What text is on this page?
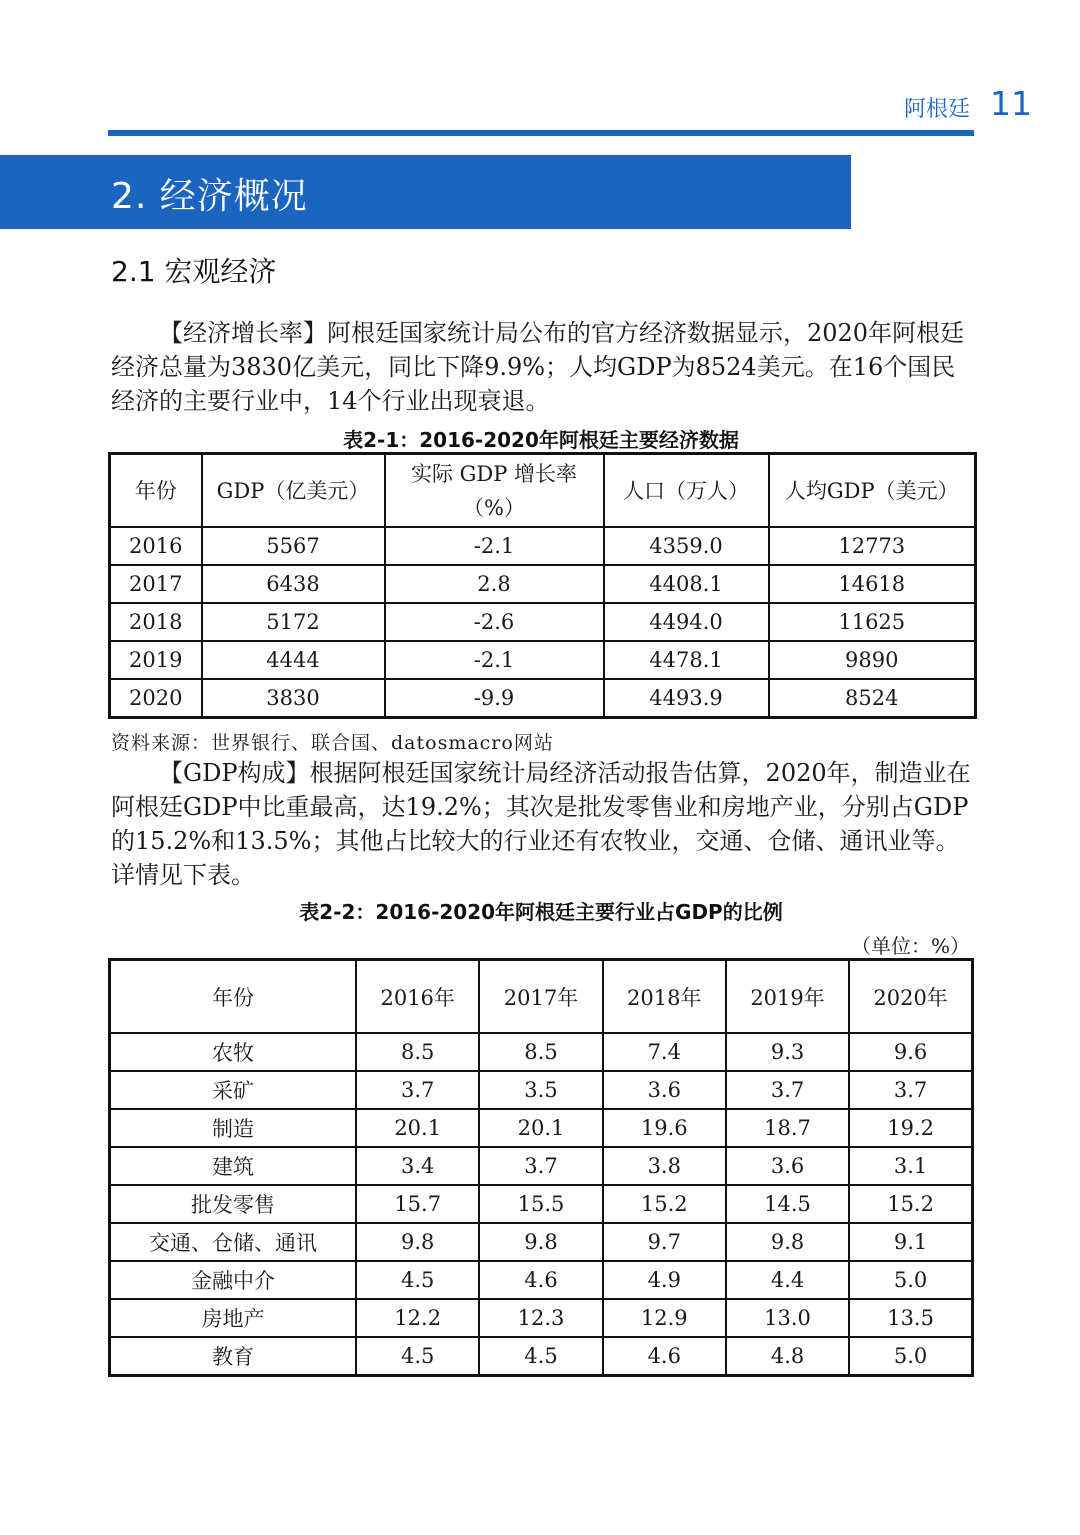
阿根廷 11
2. 经济概况
2.1 宏观经济

【经济增长率】阿根廷国家统计局公布的官方经济数据显示，2020年阿根廷经济总量为3830亿美元，同比下降9.9%；人均GDP为8524美元。在16个国民经济的主要行业中，14个行业出现衰退。

表2-1：2016-2020年阿根廷主要经济数据
年份	GDP（亿美元）	实际 GDP 增长率（%）	人口（万人）	人均GDP（美元）
2016	5567	-2.1	4359.0	12773
2017	6438	2.8	4408.1	14618
2018	5172	-2.6	4494.0	11625
2019	4444	-2.1	4478.1	9890
2020	3830	-9.9	4493.9	8524
资料来源：世界银行、联合国、datosmacro网站

【GDP构成】根据阿根廷国家统计局经济活动报告估算，2020年，制造业在阿根廷GDP中比重最高，达19.2%；其次是批发零售业和房地产业，分别占GDP的15.2%和13.5%；其他占比较大的行业还有农牧业，交通、仓储、通讯业等。详情见下表。

表2-2：2016-2020年阿根廷主要行业占GDP的比例
（单位：%）
年份	2016年	2017年	2018年	2019年	2020年
农牧	8.5	8.5	7.4	9.3	9.6
采矿	3.7	3.5	3.6	3.7	3.7
制造	20.1	20.1	19.6	18.7	19.2
建筑	3.4	3.7	3.8	3.6	3.1
批发零售	15.7	15.5	15.2	14.5	15.2
交通、仓储、通讯	9.8	9.8	9.7	9.8	9.1
金融中介	4.5	4.6	4.9	4.4	5.0
房地产	12.2	12.3	12.9	13.0	13.5
教育	4.5	4.5	4.6	4.8	5.0
